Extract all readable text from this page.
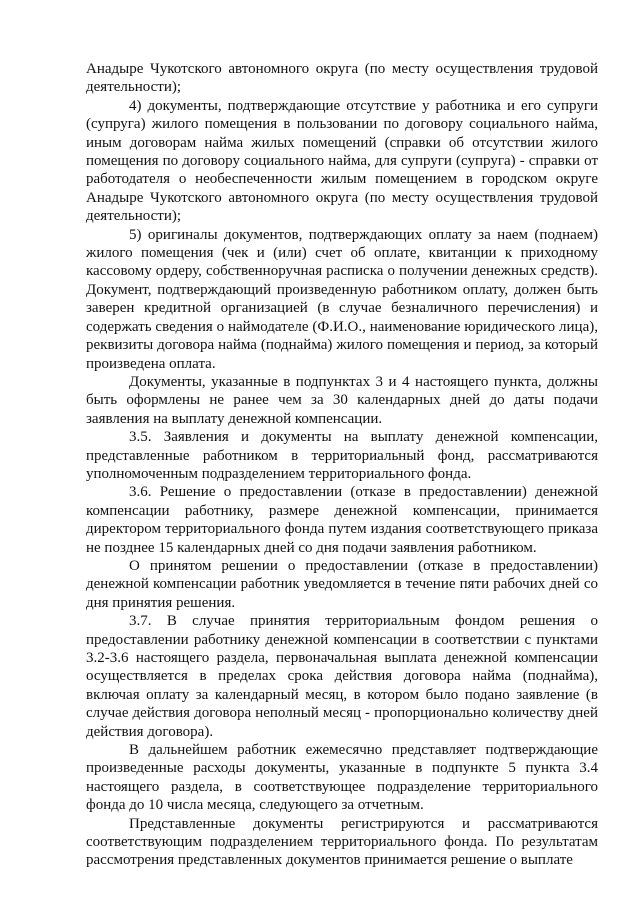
Анадыре Чукотского автономного округа (по месту осуществления трудовой деятельности);

4) документы, подтверждающие отсутствие у работника и его супруги (супруга) жилого помещения в пользовании по договору социального найма, иным договорам найма жилых помещений (справки об отсутствии жилого помещения по договору социального найма, для супруги (супруга) - справки от работодателя о необеспеченности жилым помещением в городском округе Анадыре Чукотского автономного округа (по месту осуществления трудовой деятельности);

5) оригиналы документов, подтверждающих оплату за наем (поднаем) жилого помещения (чек и (или) счет об оплате, квитанции к приходному кассовому ордеру, собственноручная расписка о получении денежных средств). Документ, подтверждающий произведенную работником оплату, должен быть заверен кредитной организацией (в случае безналичного перечисления) и содержать сведения о наймодателе (Ф.И.О., наименование юридического лица), реквизиты договора найма (поднайма) жилого помещения и период, за который произведена оплата.

Документы, указанные в подпунктах 3 и 4 настоящего пункта, должны быть оформлены не ранее чем за 30 календарных дней до даты подачи заявления на выплату денежной компенсации.

3.5. Заявления и документы на выплату денежной компенсации, представленные работником в территориальный фонд, рассматриваются уполномоченным подразделением территориального фонда.

3.6. Решение о предоставлении (отказе в предоставлении) денежной компенсации работнику, размере денежной компенсации, принимается директором территориального фонда путем издания соответствующего приказа не позднее 15 календарных дней со дня подачи заявления работником.

О принятом решении о предоставлении (отказе в предоставлении) денежной компенсации работник уведомляется в течение пяти рабочих дней со дня принятия решения.

3.7. В случае принятия территориальным фондом решения о предоставлении работнику денежной компенсации в соответствии с пунктами 3.2-3.6 настоящего раздела, первоначальная выплата денежной компенсации осуществляется в пределах срока действия договора найма (поднайма), включая оплату за календарный месяц, в котором было подано заявление (в случае действия договора неполный месяц - пропорционально количеству дней действия договора).

В дальнейшем работник ежемесячно представляет подтверждающие произведенные расходы документы, указанные в подпункте 5 пункта 3.4 настоящего раздела, в соответствующее подразделение территориального фонда до 10 числа месяца, следующего за отчетным.

Представленные документы регистрируются и рассматриваются соответствующим подразделением территориального фонда. По результатам рассмотрения представленных документов принимается решение о выплате
